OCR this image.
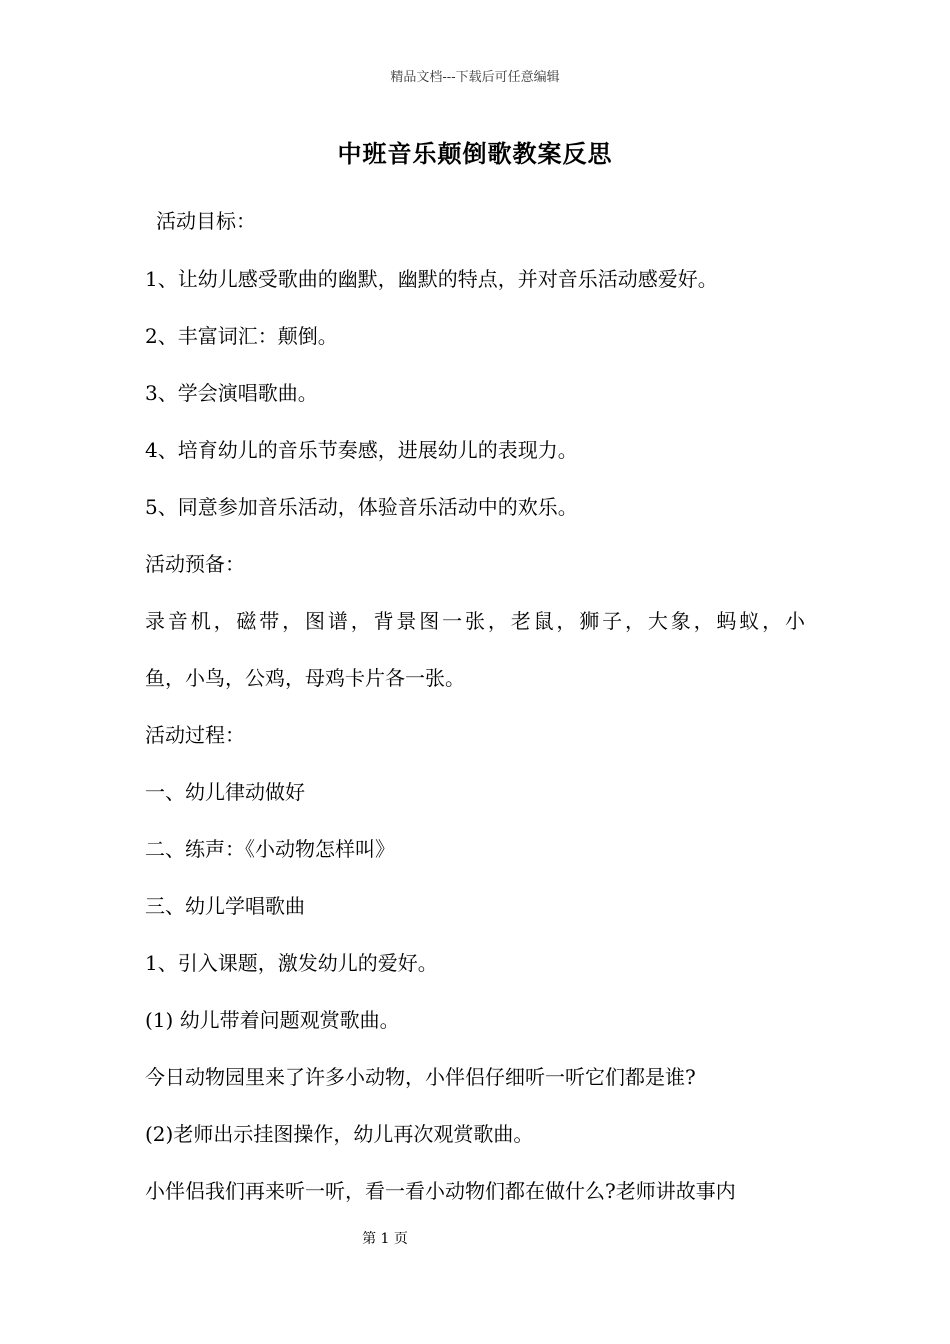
精品文档---下载后可任意编辑
中班音乐颠倒歌教案反思
活动目标：
1、让幼儿感受歌曲的幽默，幽默的特点，并对音乐活动感爱好。
2、丰富词汇：颠倒。
3、学会演唱歌曲。
4、培育幼儿的音乐节奏感，进展幼儿的表现力。
5、同意参加音乐活动，体验音乐活动中的欢乐。
活动预备：
录音机，磁带，图谱，背景图一张，老鼠，狮子，大象，蚂蚁，小
鱼，小鸟，公鸡，母鸡卡片各一张。
活动过程：
一、幼儿律动做好
二、练声：《小动物怎样叫》
三、幼儿学唱歌曲
1、引入课题，激发幼儿的爱好。
(1) 幼儿带着问题观赏歌曲。
今日动物园里来了许多小动物，小伴侣仔细听一听它们都是谁?
(2)老师出示挂图操作，幼儿再次观赏歌曲。
小伴侣我们再来听一听，看一看小动物们都在做什么?老师讲故事内
第 1 页
